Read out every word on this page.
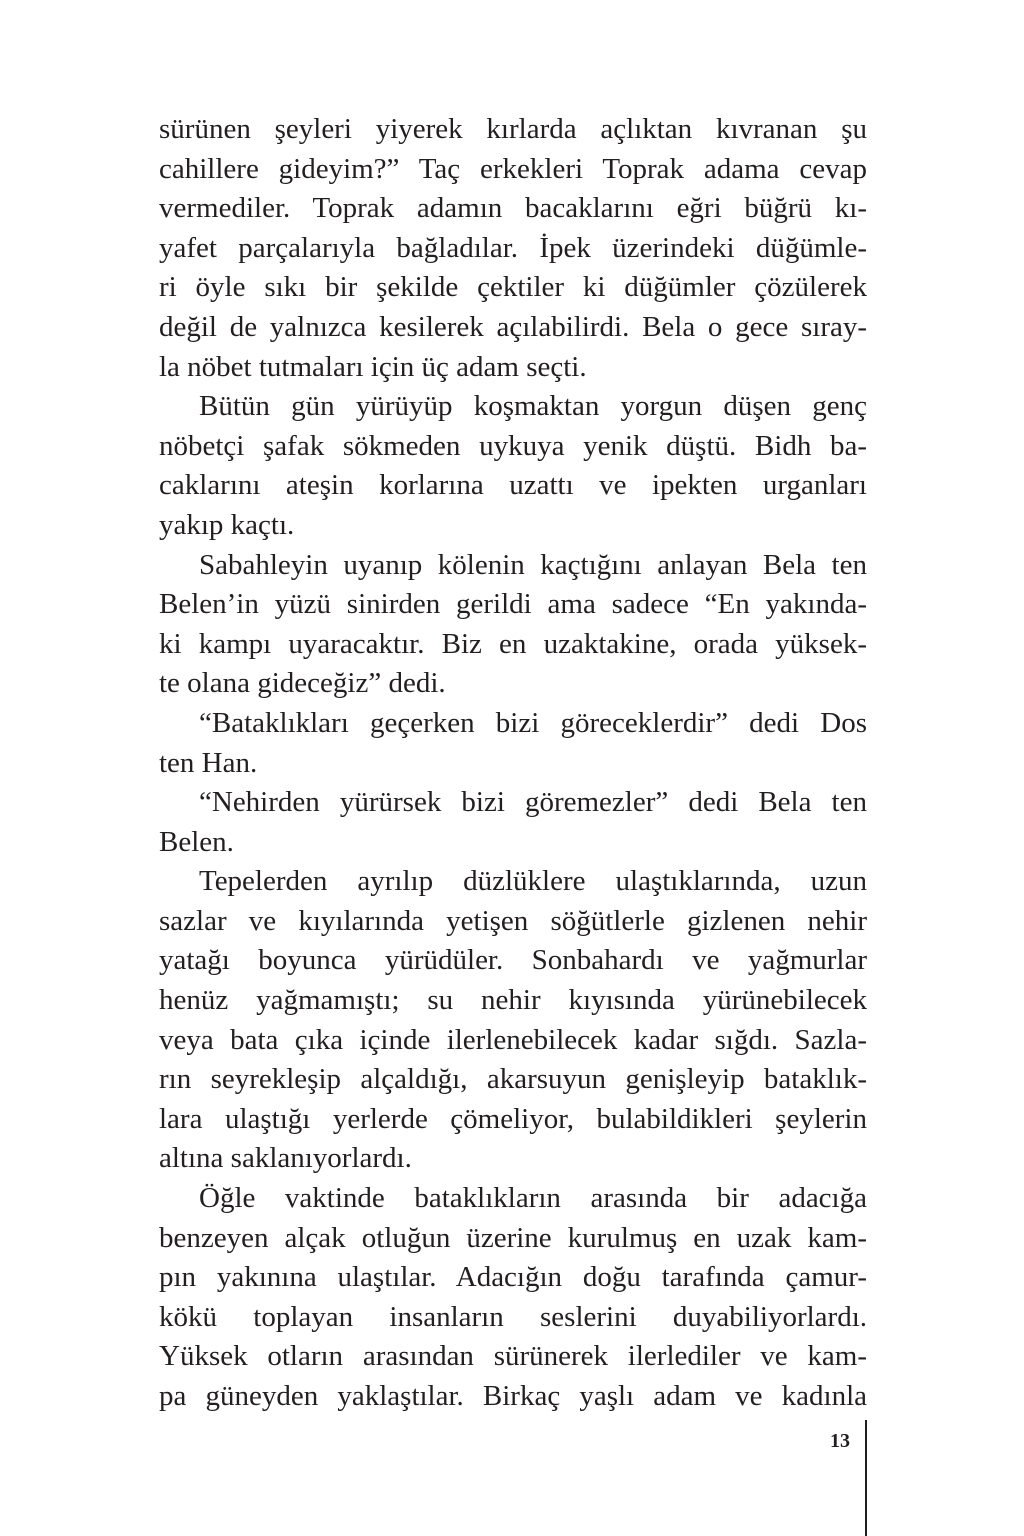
sürünen şeyleri yiyerek kırlarda açlıktan kıvranan şu
cahillere gideyim?” Taç erkekleri Toprak adama cevap
vermediler. Toprak adamın bacaklarını eğri büğrü kı-
yafet parçalarıyla bağladılar. İpek üzerindeki düğümle-
ri öyle sıkı bir şekilde çektiler ki düğümler çözülerek
değil de yalnızca kesilerek açılabilirdi. Bela o gece sıray-
la nöbet tutmaları için üç adam seçti.
Bütün gün yürüyüp koşmaktan yorgun düşen genç
nöbetçi şafak sökmeden uykuya yenik düştü. Bidh ba-
caklarını ateşin korlarına uzattı ve ipekten urganları
yakıp kaçtı.
Sabahleyin uyanıp kölenin kaçtığını anlayan Bela ten
Belen’in yüzü sinirden gerildi ama sadece “En yakında-
ki kampı uyaracaktır. Biz en uzaktakine, orada yüksek-
te olana gideceğiz” dedi.
“Bataklıkları geçerken bizi göreceklerdir” dedi Dos
ten Han.
“Nehirden yürürsek bizi göremezler” dedi Bela ten
Belen.
Tepelerden ayrılıp düzlüklere ulaştıklarında, uzun
sazlar ve kıyılarında yetişen söğütlerle gizlenen nehir
yatağı boyunca yürüdüler. Sonbahardı ve yağmurlar
henüz yağmamıştı; su nehir kıyısında yürünebilecek
veya bata çıka içinde ilerlenebilecek kadar sığdı. Sazla-
rın seyrekleşip alçaldığı, akarsuyun genişleyip bataklık-
lara ulaştığı yerlerde çömeliyor, bulabildikleri şeylerin
altına saklanıyorlardı.
Öğle vaktinde bataklıkların arasında bir adacığa
benzeyen alçak otluğun üzerine kurulmuş en uzak kam-
pın yakınına ulaştılar. Adacığın doğu tarafında çamur-
kökü toplayan insanların seslerini duyabiliyorlardı.
Yüksek otların arasından sürünerek ilerlediler ve kam-
pa güneyden yaklaştılar. Birkaç yaşlı adam ve kadınla
13
